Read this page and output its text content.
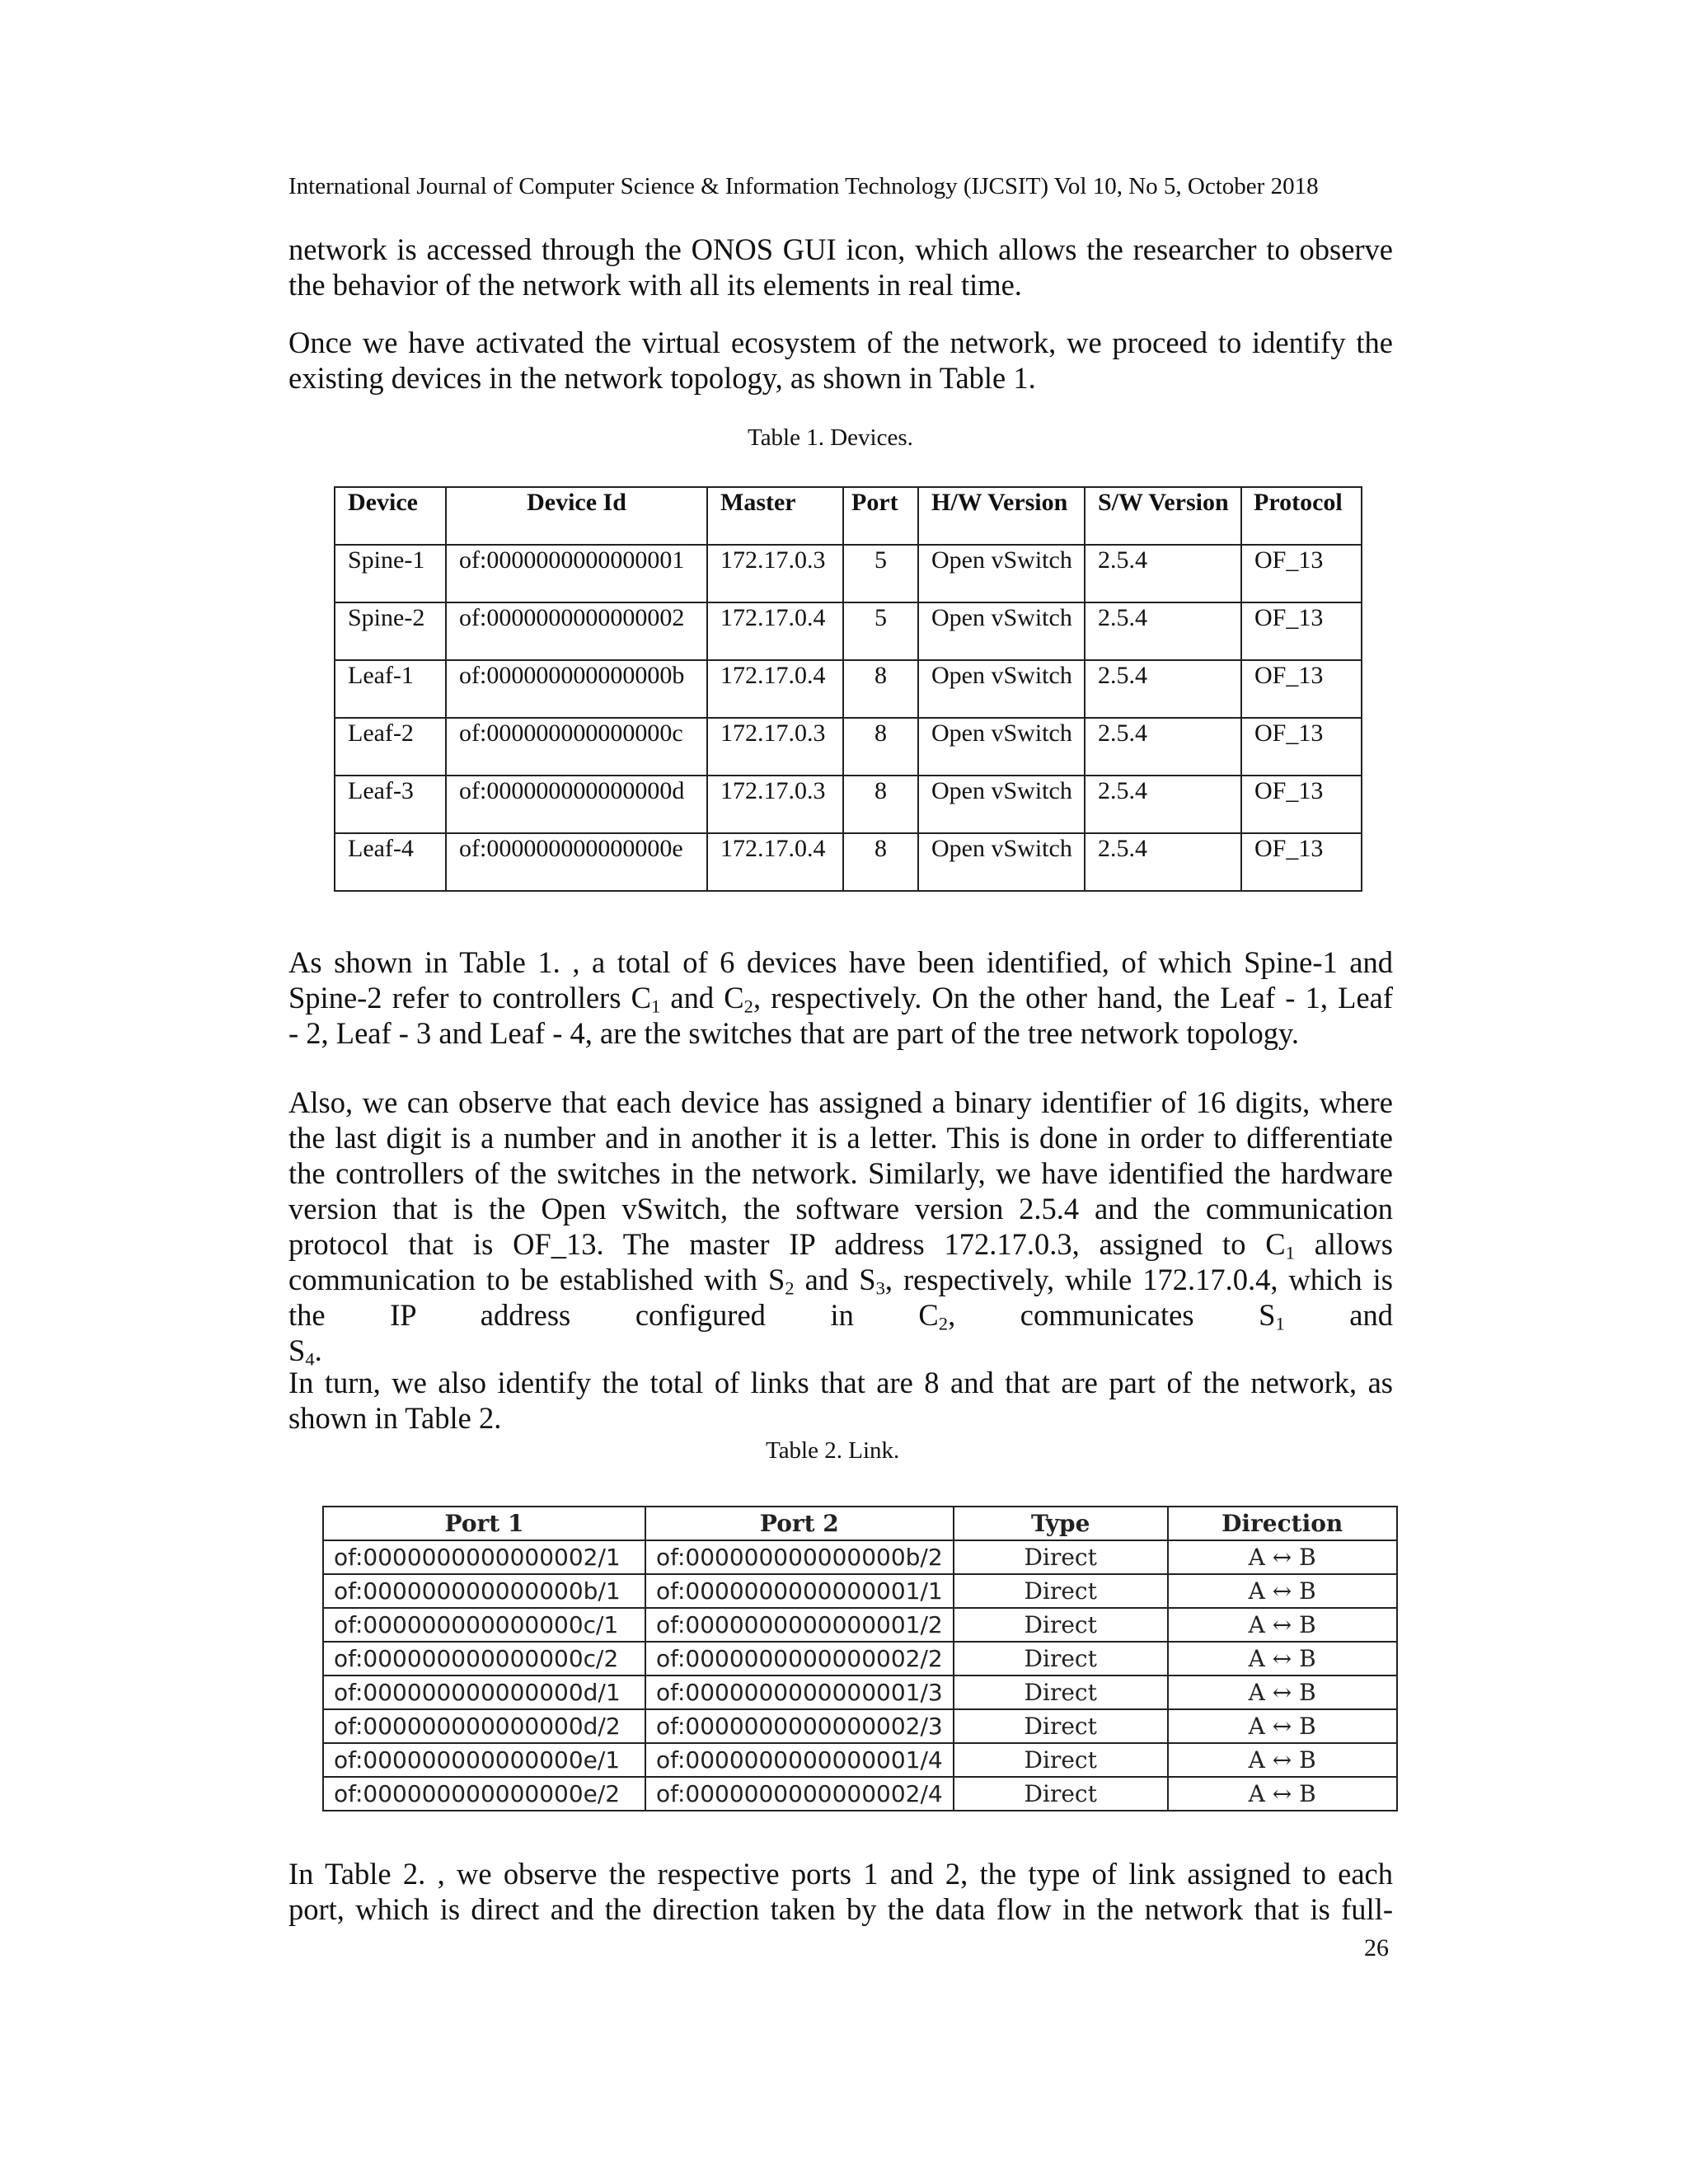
International Journal of Computer Science & Information Technology (IJCSIT) Vol 10, No 5, October 2018
network is accessed through the ONOS GUI icon, which allows the researcher to observe
the behavior of the network with all its elements in real time.
Once we have activated the virtual ecosystem of the network, we proceed to identify the
existing devices in the network topology, as shown in Table 1.
Table 1. Devices.
Device	Device Id	Master	Port	H/W Version	S/W Version	Protocol
Spine-1	of:0000000000000001	172.17.0.3	5	Open vSwitch	2.5.4	OF_13
Spine-2	of:0000000000000002	172.17.0.4	5	Open vSwitch	2.5.4	OF_13
Leaf-1	of:000000000000000b	172.17.0.4	8	Open vSwitch	2.5.4	OF_13
Leaf-2	of:000000000000000c	172.17.0.3	8	Open vSwitch	2.5.4	OF_13
Leaf-3	of:000000000000000d	172.17.0.3	8	Open vSwitch	2.5.4	OF_13
Leaf-4	of:000000000000000e	172.17.0.4	8	Open vSwitch	2.5.4	OF_13
As shown in Table 1. , a total of 6 devices have been identified, of which Spine-1 and
Spine-2 refer to controllers $C_1$ and $C_2$, respectively. On the other hand, the Leaf - 1, Leaf
- 2, Leaf - 3 and Leaf - 4, are the switches that are part of the tree network topology.
Also, we can observe that each device has assigned a binary identifier of 16 digits, where
the last digit is a number and in another it is a letter. This is done in order to differentiate
the controllers of the switches in the network. Similarly, we have identified the hardware
version that is the Open vSwitch, the software version 2.5.4 and the communication
protocol that is OF_13. The master IP address 172.17.0.3, assigned to $C_1$ allows
communication to be established with $S_2$ and $S_3$, respectively, while 172.17.0.4, which is
the IP address configured in $C_2$, communicates $S_1$ and $S_4$.
In turn, we also identify the total of links that are 8 and that are part of the network, as
shown in Table 2.
Table 2. Link.
Port 1	Port 2	Type	Direction
of:0000000000000002/1	of:000000000000000b/2	Direct	A ↔ B
of:000000000000000b/1	of:0000000000000001/1	Direct	A ↔ B
of:000000000000000c/1	of:0000000000000001/2	Direct	A ↔ B
of:000000000000000c/2	of:0000000000000002/2	Direct	A ↔ B
of:000000000000000d/1	of:0000000000000001/3	Direct	A ↔ B
of:000000000000000d/2	of:0000000000000002/3	Direct	A ↔ B
of:000000000000000e/1	of:0000000000000001/4	Direct	A ↔ B
of:000000000000000e/2	of:0000000000000002/4	Direct	A ↔ B
In Table 2. , we observe the respective ports 1 and 2, the type of link assigned to each
port, which is direct and the direction taken by the data flow in the network that is full-
26
